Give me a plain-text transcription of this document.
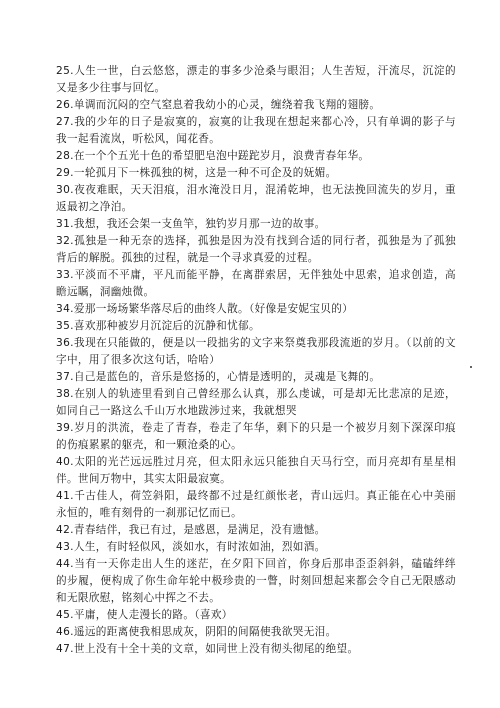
25.人生一世，白云悠悠，漂走的事多少沧桑与眼泪；人生苦短，汗流尽，沉淀的又是多少往事与回忆。

26.单调而沉闷的空气窒息着我幼小的心灵，缠绕着我飞翔的翅膀。

27.我的少年的日子是寂寞的，寂寞的让我现在想起来都心冷，只有单调的影子与我一起看流岚，听松风，闻花香。

28.在一个个五光十色的希望肥皂泡中蹉跎岁月，浪费青春年华。

29.一轮孤月下一株孤独的树，这是一种不可企及的妩媚。

30.夜夜难眠，天天泪痕，泪水淹没日月，混淆乾坤，也无法挽回流失的岁月，重返最初之净泊。

31.我想，我还会架一支鱼竿，独钓岁月那一边的故事。

32.孤独是一种无奈的选择，孤独是因为没有找到合适的同行者，孤独是为了孤独背后的解脱。孤独的过程，就是一个寻求真爱的过程。

33.平淡而不平庸，平凡而能平静，在离群索居，无伴独处中思索，追求创造，高瞻远瞩，洞幽烛微。

34.爱那一场场繁华落尽后的曲终人散。（好像是安妮宝贝的）

35.喜欢那种被岁月沉淀后的沉静和忧郁。

36.我现在只能做的，便是以一段拙劣的文字来祭奠我那段流逝的岁月。（以前的文字中，用了很多次这句话，哈哈）

37.自己是蓝色的，音乐是悠扬的，心情是透明的，灵魂是飞舞的。

38.在别人的轨迹里看到自己曾经那么认真，那么虔诚，可是却无比悲凉的足迹，如同自己一路这么千山万水地跋涉过来，我就想哭

39.岁月的洪流，卷走了青春，卷走了年华，剩下的只是一个被岁月刻下深深印痕的伤痕累累的躯壳，和一颗沧桑的心。

40.太阳的光芒远远胜过月亮，但太阳永远只能独自天马行空，而月亮却有星星相伴。世间万物中，其实太阳最寂寞。

41.千古佳人，荷笠斜阳，最终都不过是红颜怅老，青山远归。真正能在心中美丽永恒的，唯有刻骨的一刹那记忆而已。

42.青春结伴，我已有过，是感恩，是满足，没有遗憾。

43.人生，有时轻似风，淡如水，有时浓如油，烈如酒。

44.当有一天你走出人生的迷茫，在夕阳下回首，你身后那串歪歪斜斜，磕磕绊绊的步履，便构成了你生命年轮中极珍贵的一瞥，时刻回想起来都会令自己无限感动和无限欣慰，铭刻心中挥之不去。

45.平庸，使人走漫长的路。（喜欢）

46.遥远的距离使我相思成灰，阴阳的间隔使我欲哭无泪。

47.世上没有十全十美的文章，如同世上没有彻头彻尾的绝望。
